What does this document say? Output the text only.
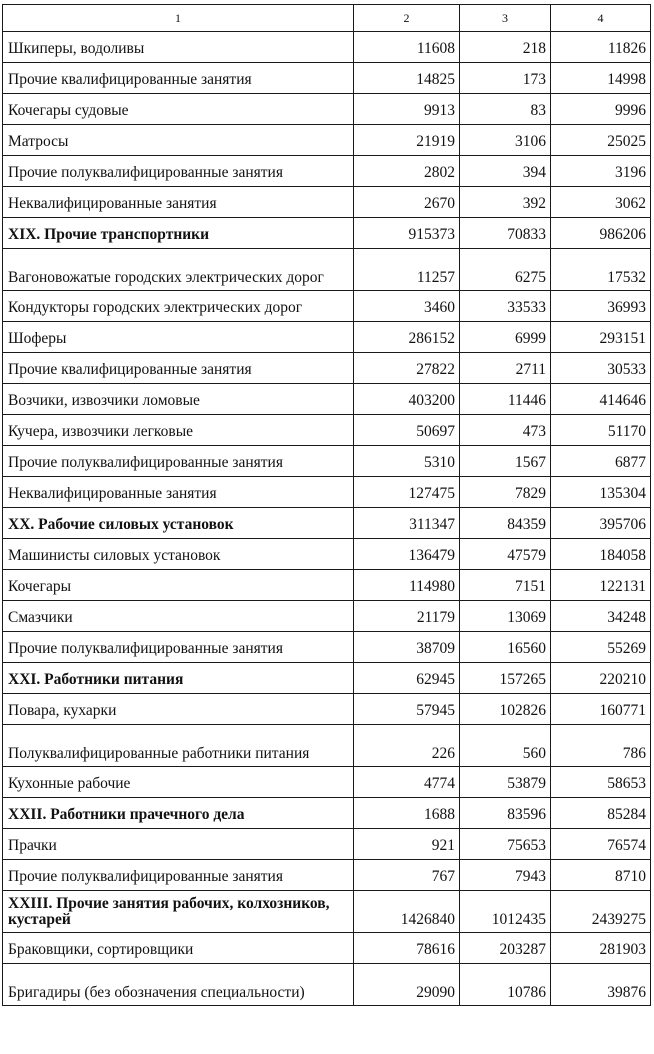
1	2	3	4
Шкиперы, водоливы	11608	218	11826
Прочие квалифицированные занятия	14825	173	14998
Кочегары судовые	9913	83	9996
Матросы	21919	3106	25025
Прочие полуквалифицированные занятия	2802	394	3196
Неквалифицированные занятия	2670	392	3062
XIX. Прочие транспортники	915373	70833	986206
Вагоновожатые городских электрических дорог	11257	6275	17532
Кондукторы городских электрических дорог	3460	33533	36993
Шоферы	286152	6999	293151
Прочие квалифицированные занятия	27822	2711	30533
Возчики, извозчики ломовые	403200	11446	414646
Кучера, извозчики легковые	50697	473	51170
Прочие полуквалифицированные занятия	5310	1567	6877
Неквалифицированные занятия	127475	7829	135304
XX. Рабочие силовых установок	311347	84359	395706
Машинисты силовых установок	136479	47579	184058
Кочегары	114980	7151	122131
Смазчики	21179	13069	34248
Прочие полуквалифицированные занятия	38709	16560	55269
XXI. Работники питания	62945	157265	220210
Повара, кухарки	57945	102826	160771
Полуквалифицированные работники питания	226	560	786
Кухонные рабочие	4774	53879	58653
XXII. Работники прачечного дела	1688	83596	85284
Прачки	921	75653	76574
Прочие полуквалифицированные занятия	767	7943	8710
XXIII. Прочие занятия рабочих, колхозников, кустарей	1426840	1012435	2439275
Браковщики, сортировщики	78616	203287	281903
Бригадиры (без обозначения специальности)	29090	10786	39876
